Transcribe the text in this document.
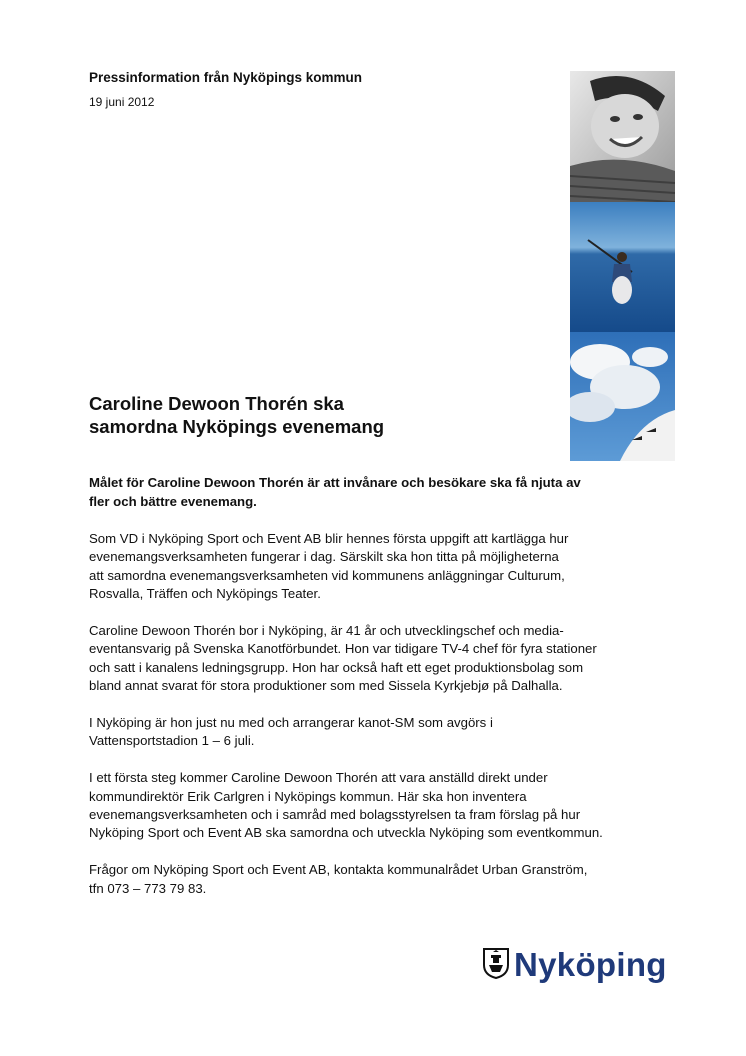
Pressinformation från Nyköpings kommun
19 juni 2012
Caroline Dewoon Thorén ska
samordna Nyköpings evenemang
Målet för Caroline Dewoon Thorén är att invånare och besökare ska få njuta av
fler och bättre evenemang.

Som VD i Nyköping Sport och Event AB blir hennes första uppgift att kartlägga hur
evenemangsverksamheten fungerar i dag. Särskilt ska hon titta på möjligheterna
att samordna evenemangsverksamheten vid kommunens anläggningar Culturum,
Rosvalla, Träffen och Nyköpings Teater.

Caroline Dewoon Thorén bor i Nyköping, är 41 år och utvecklingschef och media-
eventansvarig på Svenska Kanotförbundet. Hon var tidigare TV-4 chef för fyra stationer
och satt i kanalens ledningsgrupp. Hon har också haft ett eget produktionsbolag som
bland annat svarat för stora produktioner som med Sissela Kyrkjebjø på Dalhalla.

I Nyköping är hon just nu med och arrangerar kanot-SM som avgörs i
Vattensportstadion 1 – 6 juli.

I ett första steg kommer Caroline Dewoon Thorén att vara anställd direkt under
kommundirektör Erik Carlgren i Nyköpings kommun. Här ska hon inventera
evenemangsverksamheten och i samråd med bolagsstyrelsen ta fram förslag på hur
Nyköping Sport och Event AB ska samordna och utveckla Nyköping som eventkommun.

Frågor om Nyköping Sport och Event AB, kontakta kommunalrådet Urban Granström,
tfn 073 – 773 79 83.

Nyköping
